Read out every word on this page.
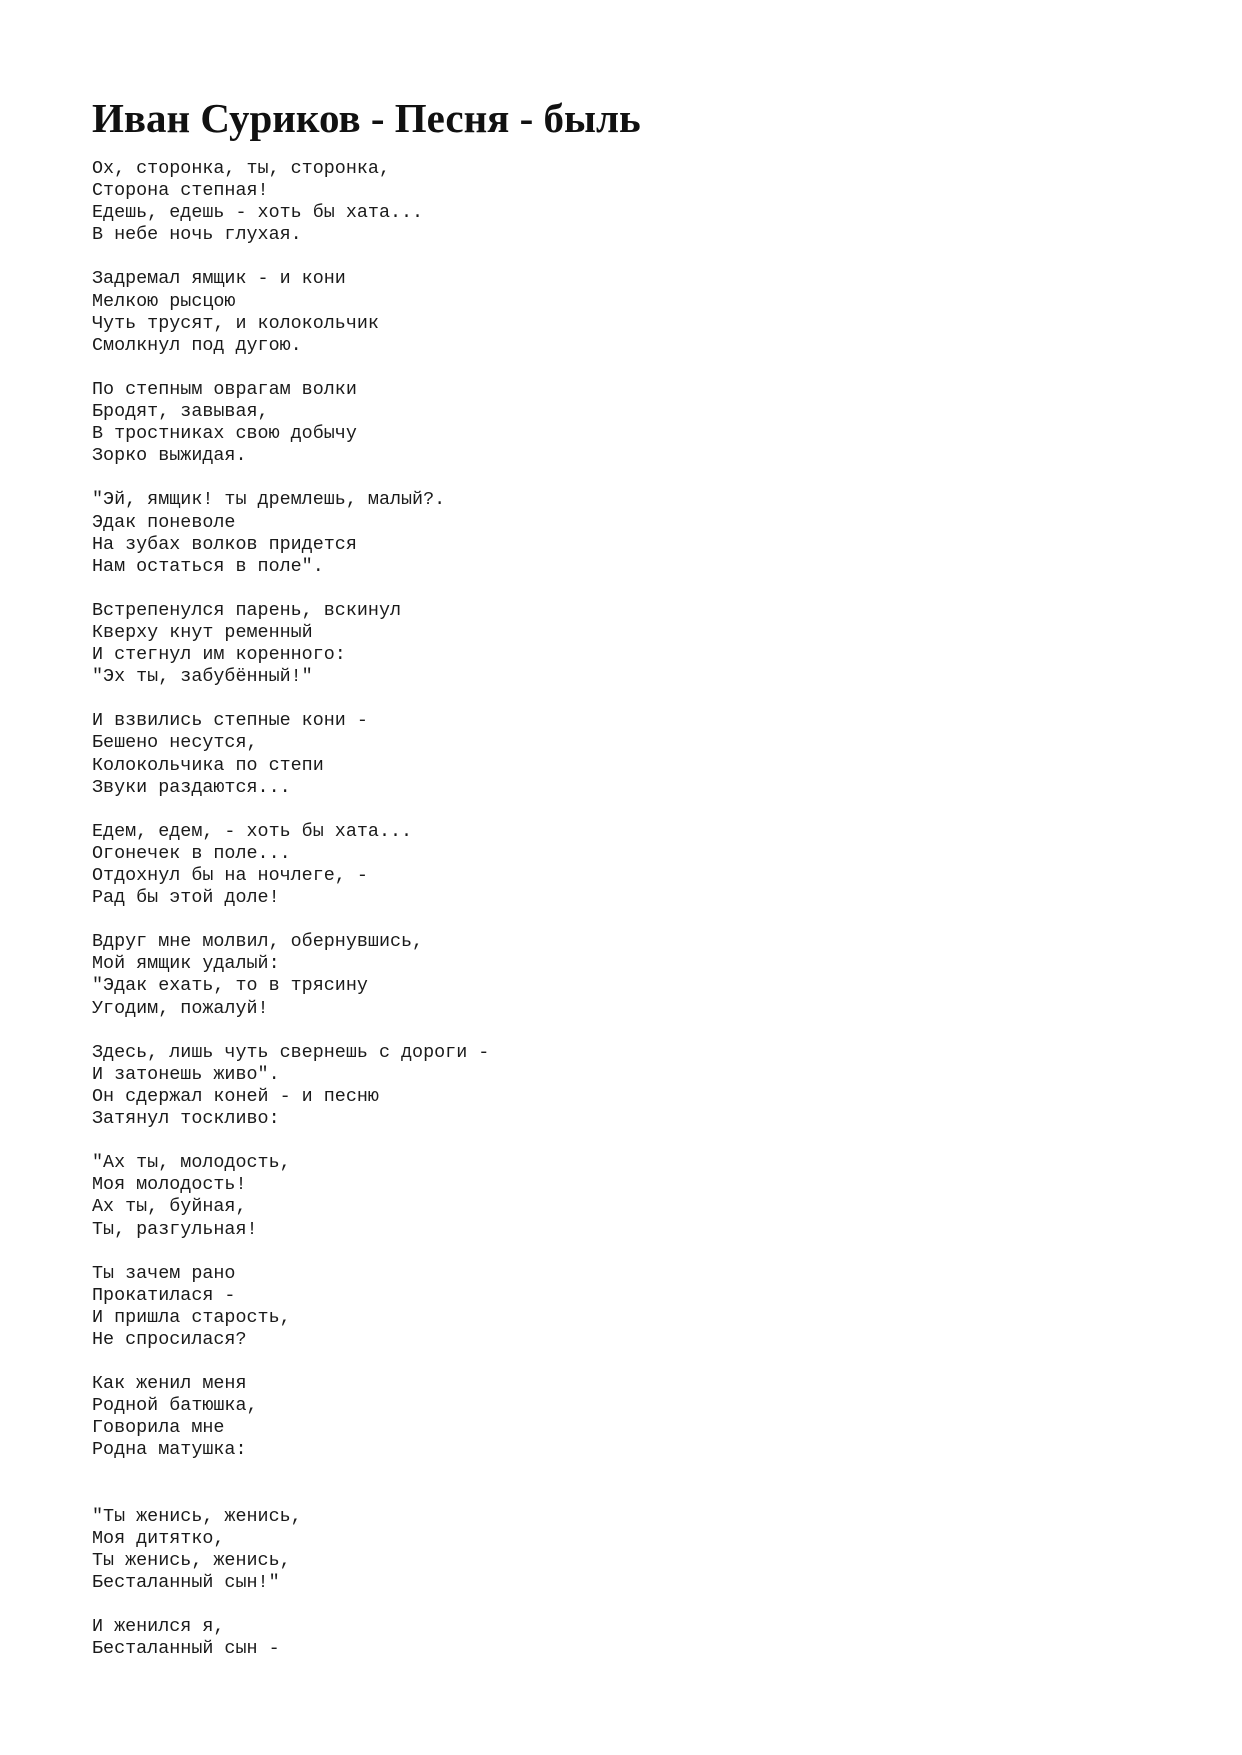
Иван Суриков - Песня - быль
Ох, сторонка, ты, сторонка,
Сторона степная!
Едешь, едешь - хоть бы хата...
В небе ночь глухая.
Задремал ямщик - и кони
Мелкою рысцою
Чуть трусят, и колокольчик
Смолкнул под дугою.
По степным оврагам волки
Бродят, завывая,
В тростниках свою добычу
Зорко выжидая.
"Эй, ямщик! ты дремлешь, малый?.
Эдак поневоле
На зубах волков придется
Нам остаться в поле".
Встрепенулся парень, вскинул
Кверху кнут ременный
И стегнул им коренного:
"Эх ты, забубённый!"
И взвились степные кони -
Бешено несутся,
Колокольчика по степи
Звуки раздаются...
Едем, едем, - хоть бы хата...
Огонечек в поле...
Отдохнул бы на ночлеге, -
Рад бы этой доле!
Вдруг мне молвил, обернувшись,
Мой ямщик удалый:
"Эдак ехать, то в трясину
Угодим, пожалуй!
Здесь, лишь чуть свернешь с дороги -
И затонешь живо".
Он сдержал коней - и песню
Затянул тоскливо:
"Ах ты, молодость,
Моя молодость!
Ах ты, буйная,
Ты, разгульная!
Ты зачем рано
Прокатилася -
И пришла старость,
Не спросилася?
Как женил меня
Родной батюшка,
Говорила мне
Родна матушка:
"Ты женись, женись,
Моя дитятко,
Ты женись, женись,
Бесталанный сын!"
И женился я,
Бесталанный сын -
